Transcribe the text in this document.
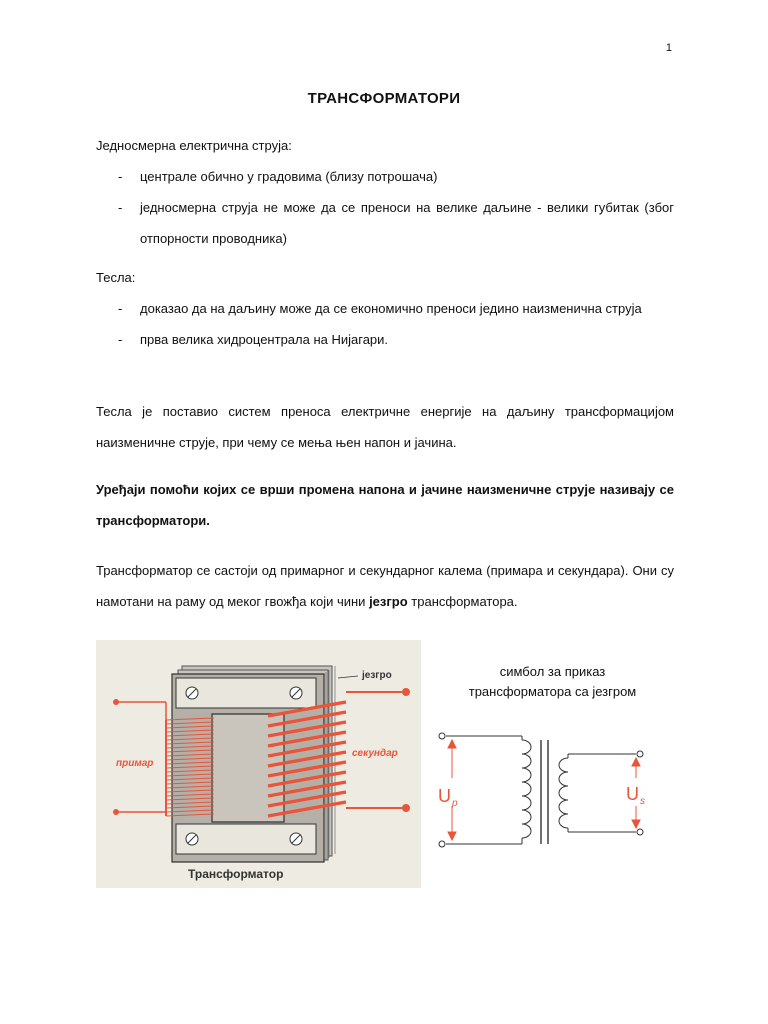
1
ТРАНСФОРМАТОРИ
Једносмерна електрична струја:
- централе обично у градовима (близу потрошача)
- једносмерна струја не може да се преноси на велике даљине - велики губитак (због отпорности проводника)
Тесла:
- доказао да на даљину може да се економично преноси једино наизменична струја
- прва велика хидроцентрала на Нијагари.
Тесла је поставио систем преноса електричне енергије на даљину трансформацијом наизменичне струје, при чему се мења њен напон и јачина.
Уређаји помоћи којих се врши промена напона и јачине наизменичне струје називају се трансформатори.
Трансформатор се састоји од примарног и секундарног калема (примара и секундара). Они су намотани на раму од меког гвожђа који чини језгро трансформатора.
језгро
примар
секундар
Трансформатор
симбол за приказ
трансформатора са језгром
U p	U s
